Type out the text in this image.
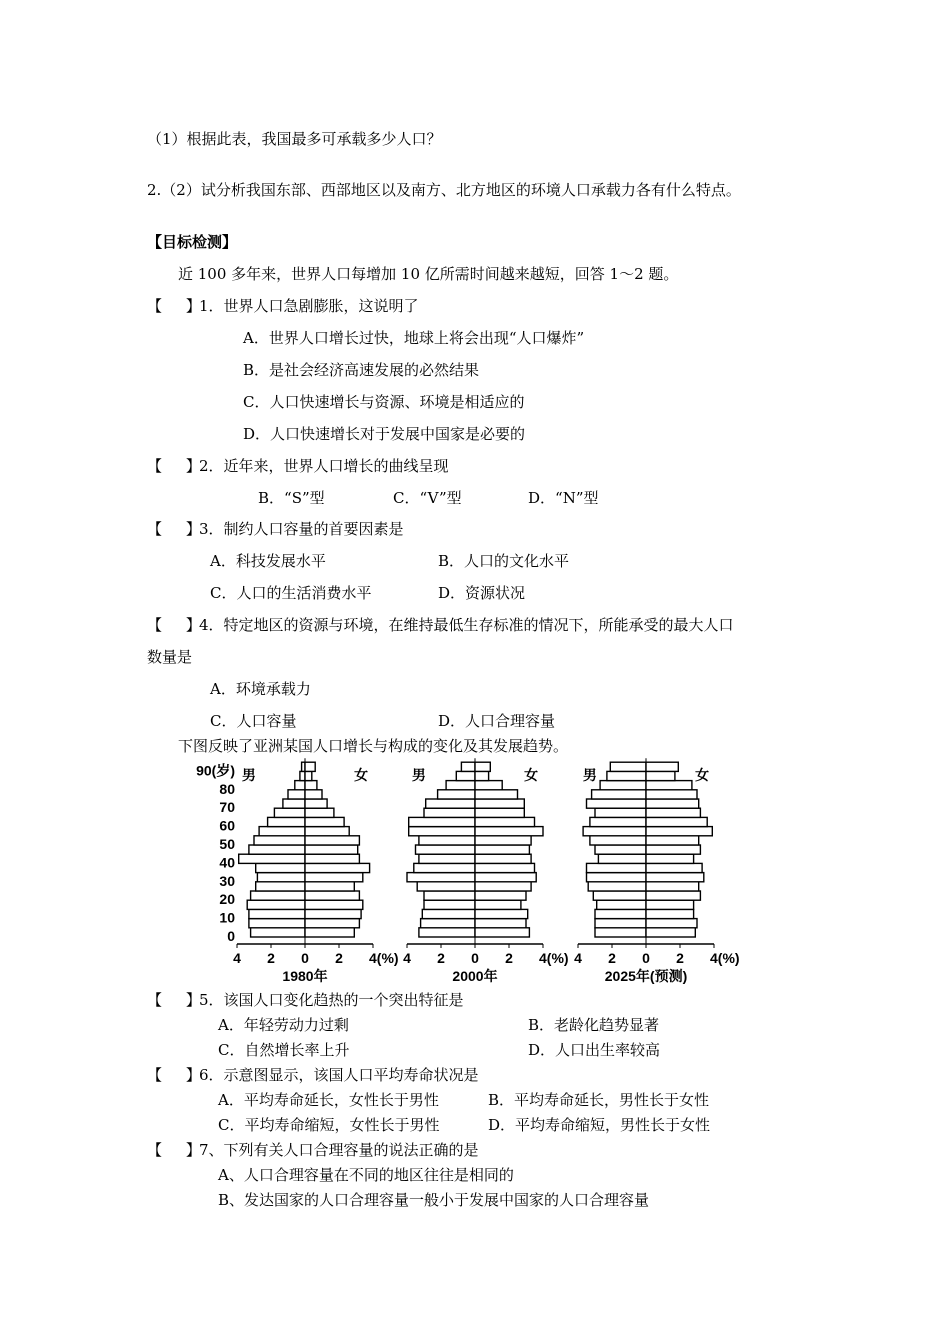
（1）根据此表，我国最多可承载多少人口？
2.（2）试分析我国东部、西部地区以及南方、北方地区的环境人口承载力各有什么特点。
【目标检测】
近 100 多年来，世界人口每增加 10 亿所需时间越来越短，回答 1～2 题。
【 】1．世界人口急剧膨胀，这说明了
A．世界人口增长过快，地球上将会出现“人口爆炸”
B．是社会经济高速发展的必然结果
C．人口快速增长与资源、环境是相适应的
D．人口快速增长对于发展中国家是必要的
【 】2．近年来，世界人口增长的曲线呈现
B．“S”型	C．“V”型	D．“N”型
【 】3．制约人口容量的首要因素是
A．科技发展水平	B．人口的文化水平
C．人口的生活消费水平	D．资源状况
【 】4．特定地区的资源与环境，在维持最低生存标准的情况下，所能承受的最大人口
数量是
A．环境承载力
C．人口容量	D．人口合理容量
下图反映了亚洲某国人口增长与构成的变化及其发展趋势。
0
10
20
30
40
50
60
70
80
90(岁)
4 2 0 2 4(%)
1980年
男	女
4 2 0 2 4(%)
2000年
男	女
4 2 0 2 4(%)
2025年(预测)
男	女
【 】5．该国人口变化趋热的一个突出特征是
A．年轻劳动力过剩	B．老龄化趋势显著
C．自然增长率上升	D．人口出生率较高
【 】6．示意图显示，该国人口平均寿命状况是
A．平均寿命延长，女性长于男性	B．平均寿命延长，男性长于女性
C．平均寿命缩短，女性长于男性	D．平均寿命缩短，男性长于女性
【 】7、下列有关人口合理容量的说法正确的是
A、人口合理容量在不同的地区往往是相同的
B、发达国家的人口合理容量一般小于发展中国家的人口合理容量
